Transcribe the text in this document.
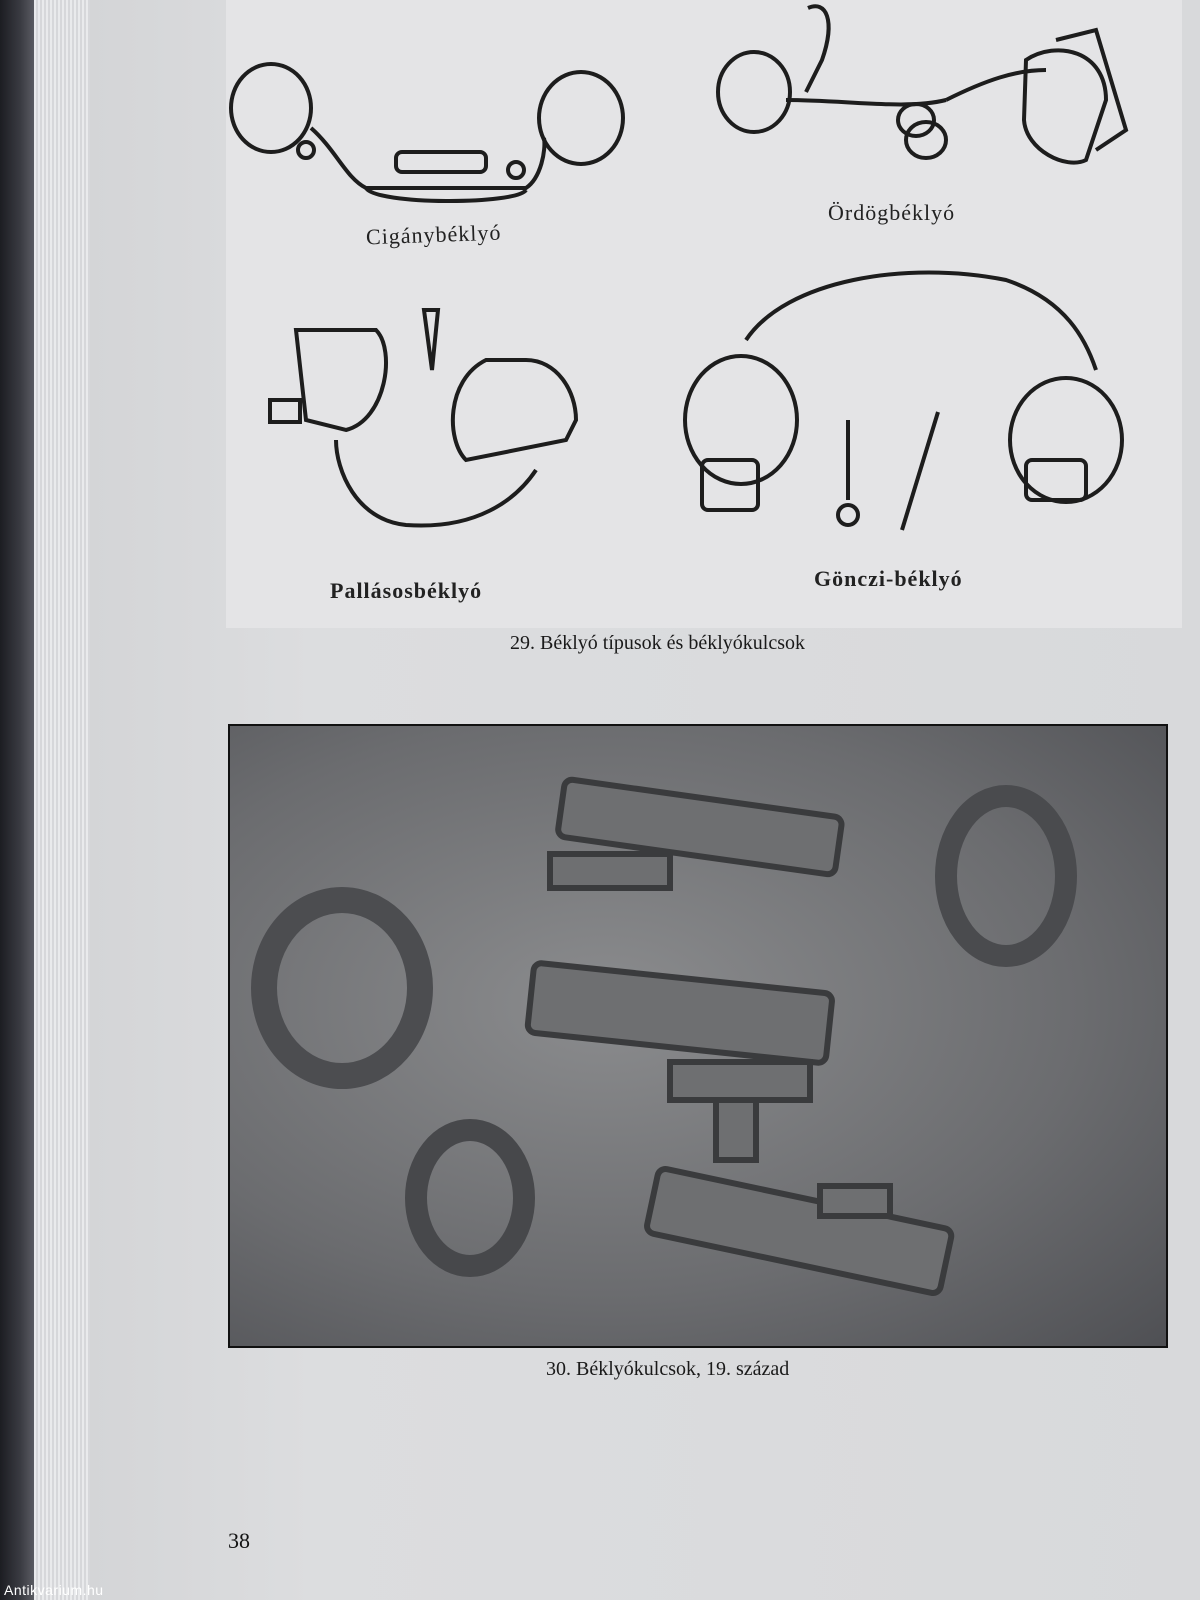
Cigánybéklyó
Ördögbéklyó
Pallásosbéklyó	Gönczi-béklyó
29. Béklyó típusok és béklyókulcsok
30. Béklyókulcsok, 19. század
38
Antikvarium.hu
